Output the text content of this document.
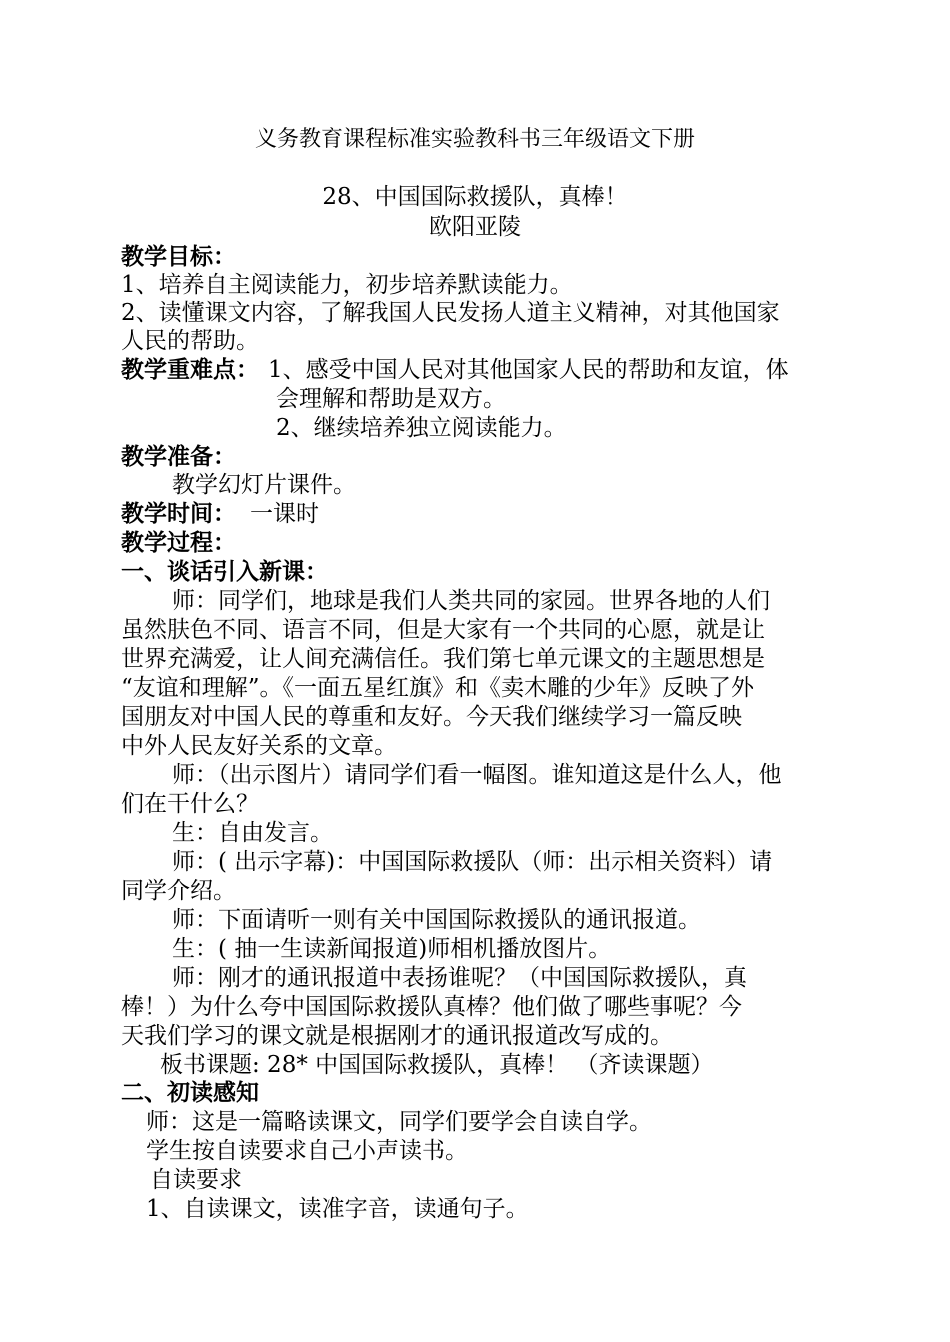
义务教育课程标准实验教科书三年级语文下册
28、中国国际救援队，真棒！
欧阳亚陵
教学目标：
1、培养自主阅读能力，初步培养默读能力。
2、读懂课文内容，了解我国人民发扬人道主义精神，对其他国家
人民的帮助。
教学重难点： 1、感受中国人民对其他国家人民的帮助和友谊，体
会理解和帮助是双方。
2、继续培养独立阅读能力。
教学准备：
教学幻灯片课件。
教学时间： 一课时
教学过程：
一、谈话引入新课：
师：同学们，地球是我们人类共同的家园。世界各地的人们
虽然肤色不同、语言不同，但是大家有一个共同的心愿，就是让
世界充满爱，让人间充满信任。我们第七单元课文的主题思想是
“友谊和理解”。《一面五星红旗》和《卖木雕的少年》反映了外
国朋友对中国人民的尊重和友好。今天我们继续学习一篇反映
中外人民友好关系的文章。
师：（出示图片）请同学们看一幅图。谁知道这是什么人，他
们在干什么？
生：自由发言。
师：( 出示字幕)：中国国际救援队（师：出示相关资料）请
同学介绍。
师：下面请听一则有关中国国际救援队的通讯报道。
生：( 抽一生读新闻报道)师相机播放图片。
师：刚才的通讯报道中表扬谁呢？（中国国际救援队，真
棒！）为什么夸中国国际救援队真棒？他们做了哪些事呢？今
天我们学习的课文就是根据刚才的通讯报道改写成的。
板书课题: 28* 中国国际救援队，真棒！ （齐读课题）
二、初读感知
师：这是一篇略读课文，同学们要学会自读自学。
学生按自读要求自己小声读书。
自读要求
1、自读课文，读准字音，读通句子。
